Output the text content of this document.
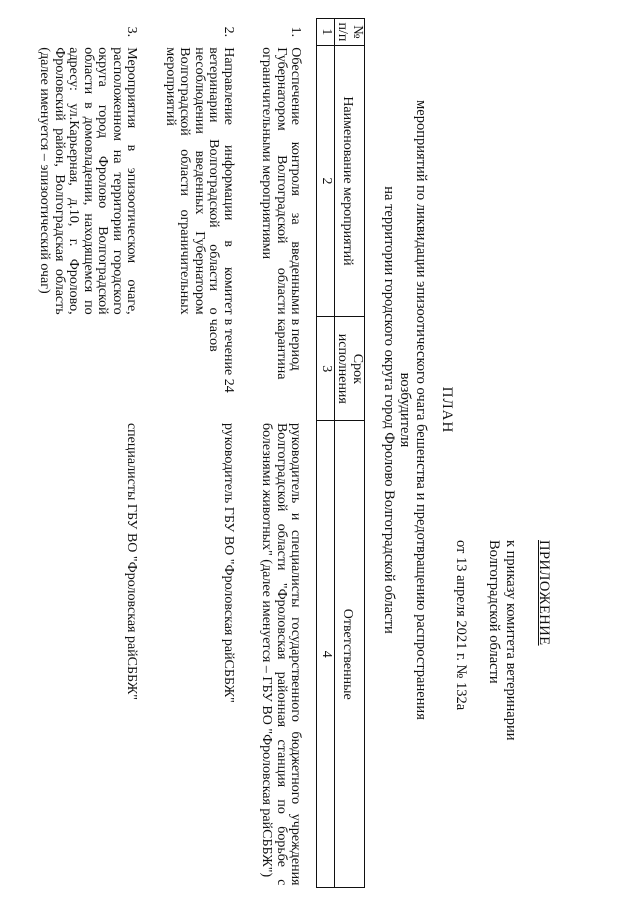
ПРИЛОЖЕНИЕ
к приказу комитета ветеринарии
Волгоградской области
от 13 апреля 2021 г. № 132а
ПЛАН
мероприятий по ликвидации эпизоотического очага бешенства и предотвращению распространения возбудителя
на территории городского округа город Фролово Волгоградской области
№
п/п	Наименование мероприятий	Срок исполнения	Ответственные
1	2	3	4
1.	Обеспечение контроля за введенными Губернатором Волгоградской области ограничительными мероприятиями	в период карантина	руководитель и специалисты государственного бюджетного учреждения Волгоградской области "Фроловская районная станция по борьбе с болезнями животных" (далее именуется – ГБУ ВО "Фроловская райСББЖ")
2.	Направление информации в комитет ветеринарии Волгоградской области о несоблюдении введенных Губернатором Волгоградской области ограничительных мероприятий	в течение 24 часов	руководитель ГБУ ВО "Фроловская райСББЖ"
3.	Мероприятия в эпизоотическом очаге, расположенном на территории городского округа город Фролово Волгоградской области в домовладении, находящемся по адресу: ул.Карьерная, д.10, г. Фролово, Фроловский район, Волгоградская область (далее именуется – эпизоотический очаг)		специалисты ГБУ ВО "Фроловская райСББЖ"
